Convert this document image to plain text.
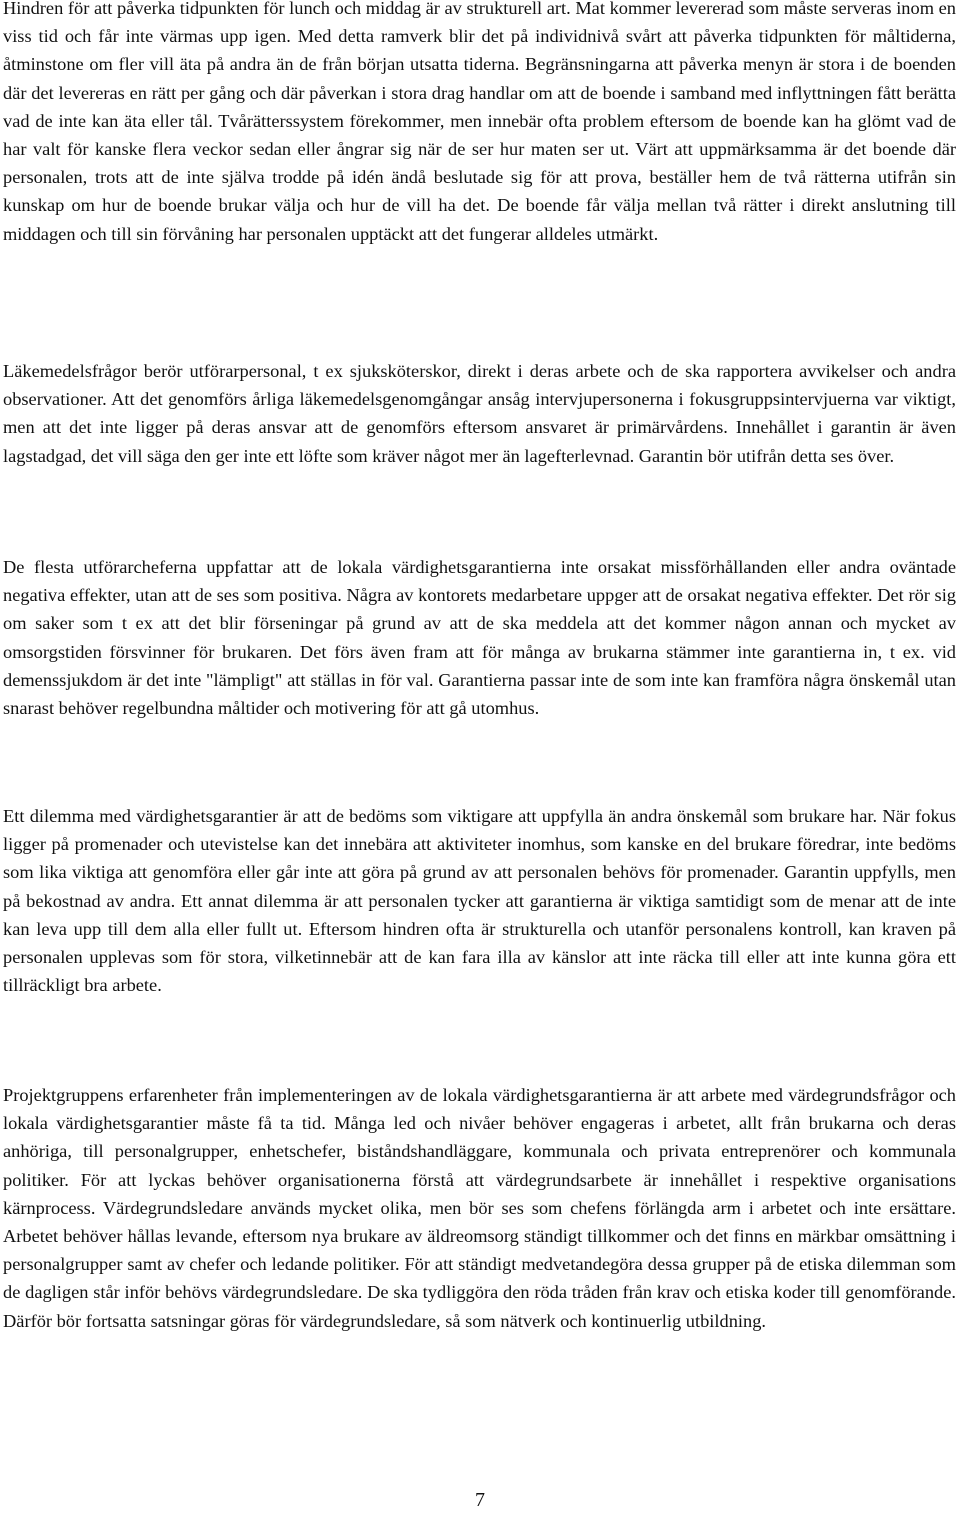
Hindren för att påverka tidpunkten för lunch och middag är av strukturell art. Mat kommer levererad som måste serveras inom en viss tid och får inte värmas upp igen. Med detta ramverk blir det på individnivå svårt att påverka tidpunkten för måltiderna, åtminstone om fler vill äta på andra än de från början utsatta tiderna. Begränsningarna att påverka menyn är stora i de boenden där det levereras en rätt per gång och där påverkan i stora drag handlar om att de boende i samband med inflyttningen fått berätta vad de inte kan äta eller tål. Tvårätterssystem förekommer, men innebär ofta problem eftersom de boende kan ha glömt vad de har valt för kanske flera veckor sedan eller ångrar sig när de ser hur maten ser ut. Värt att uppmärksamma är det boende där personalen, trots att de inte själva trodde på idén ändå beslutade sig för att prova, beställer hem de två rätterna utifrån sin kunskap om hur de boende brukar välja och hur de vill ha det. De boende får välja mellan två rätter i direkt anslutning till middagen och till sin förvåning har personalen upptäckt att det fungerar alldeles utmärkt.

Läkemedelsfrågor berör utförarpersonal, t ex sjuksköterskor, direkt i deras arbete och de ska rapportera avvikelser och andra observationer. Att det genomförs årliga läkemedelsgenomgångar ansåg intervjupersonerna i fokusgruppsintervjuerna var viktigt, men att det inte ligger på deras ansvar att de genomförs eftersom ansvaret är primärvårdens. Innehållet i garantin är även lagstadgad, det vill säga den ger inte ett löfte som kräver något mer än lagefterlevnad. Garantin bör utifrån detta ses över.

De flesta utförarcheferna uppfattar att de lokala värdighetsgarantierna inte orsakat missförhållanden eller andra oväntade negativa effekter, utan att de ses som positiva. Några av kontorets medarbetare uppger att de orsakat negativa effekter. Det rör sig om saker som t ex att det blir förseningar på grund av att de ska meddela att det kommer någon annan och mycket av omsorgstiden försvinner för brukaren. Det förs även fram att för många av brukarna stämmer inte garantierna in, t ex. vid demenssjukdom är det inte "lämpligt" att ställas in för val. Garantierna passar inte de som inte kan framföra några önskemål utan snarast behöver regelbundna måltider och motivering för att gå utomhus.

Ett dilemma med värdighetsgarantier är att de bedöms som viktigare att uppfylla än andra önskemål som brukare har. När fokus ligger på promenader och utevistelse kan det innebära att aktiviteter inomhus, som kanske en del brukare föredrar, inte bedöms som lika viktiga att genomföra eller går inte att göra på grund av att personalen behövs för promenader. Garantin uppfylls, men på bekostnad av andra. Ett annat dilemma är att personalen tycker att garantierna är viktiga samtidigt som de menar att de inte kan leva upp till dem alla eller fullt ut. Eftersom hindren ofta är strukturella och utanför personalens kontroll, kan kraven på personalen upplevas som för stora, vilketinnebär att de kan fara illa av känslor att inte räcka till eller att inte kunna göra ett tillräckligt bra arbete.

Projektgruppens erfarenheter från implementeringen av de lokala värdighetsgarantierna är att arbete med värdegrundsfrågor och lokala värdighetsgarantier måste få ta tid. Många led och nivåer behöver engageras i arbetet, allt från brukarna och deras anhöriga, till personalgrupper, enhetschefer, biståndshandläggare, kommunala och privata entreprenörer och kommunala politiker. För att lyckas behöver organisationerna förstå att värdegrundsarbete är innehållet i respektive organisations kärnprocess. Värdegrundsledare används mycket olika, men bör ses som chefens förlängda arm i arbetet och inte ersättare. Arbetet behöver hållas levande, eftersom nya brukare av äldreomsorg ständigt tillkommer och det finns en märkbar omsättning i personalgrupper samt av chefer och ledande politiker. För att ständigt medvetandegöra dessa grupper på de etiska dilemman som de dagligen står inför behövs värdegrundsledare. De ska tydliggöra den röda tråden från krav och etiska koder till genomförande. Därför bör fortsatta satsningar göras för värdegrundsledare, så som nätverk och kontinuerlig utbildning.

7
